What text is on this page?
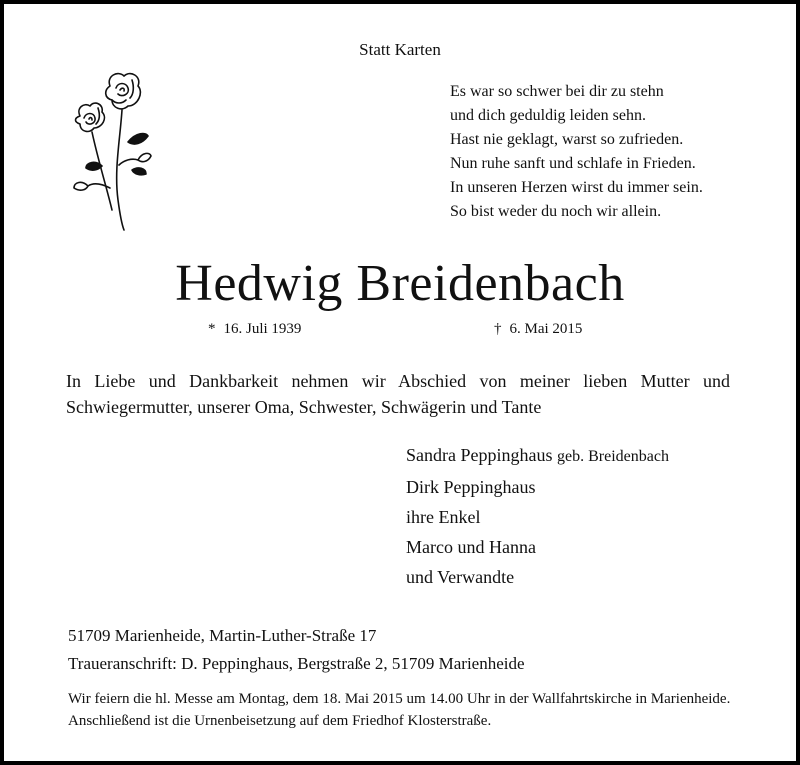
Statt Karten
Es war so schwer bei dir zu stehn
und dich geduldig leiden sehn.
Hast nie geklagt, warst so zufrieden.
Nun ruhe sanft und schlafe in Frieden.
In unseren Herzen wirst du immer sein.
So bist weder du noch wir allein.
Hedwig Breidenbach
* 16. Juli 1939	† 6. Mai 2015
In Liebe und Dankbarkeit nehmen wir Abschied von meiner lieben Mutter und Schwiegermutter, unserer Oma, Schwester, Schwägerin und Tante
Sandra Peppinghaus geb. Breidenbach
Dirk Peppinghaus
ihre Enkel
Marco und Hanna
und Verwandte
51709 Marienheide, Martin-Luther-Straße 17
Traueranschrift: D. Peppinghaus, Bergstraße 2, 51709 Marienheide
Wir feiern die hl. Messe am Montag, dem 18. Mai 2015 um 14.00 Uhr in der Wallfahrtskirche in Marienheide. Anschließend ist die Urnenbeisetzung auf dem Friedhof Klosterstraße.
